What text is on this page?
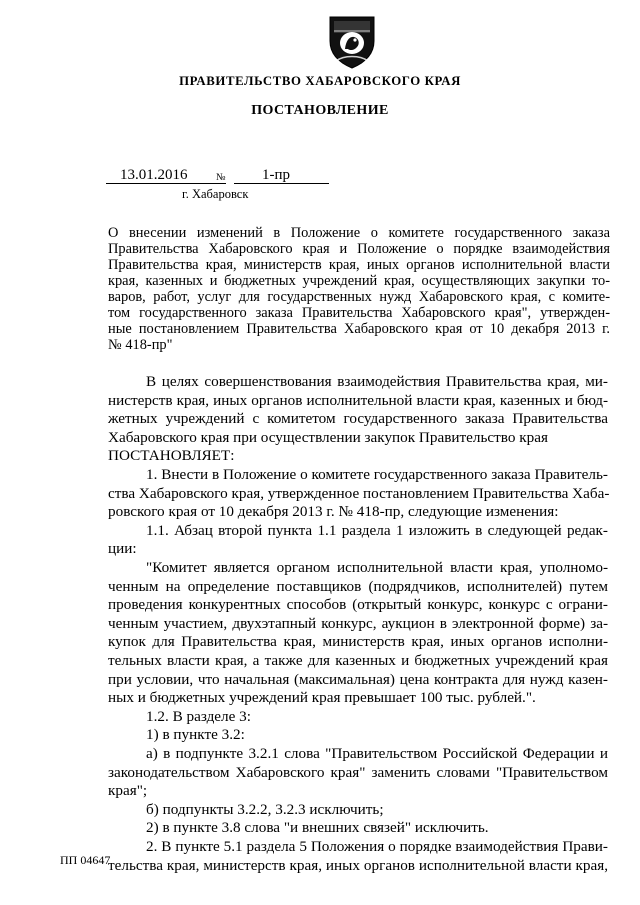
ПРАВИТЕЛЬСТВО ХАБАРОВСКОГО КРАЯ
ПОСТАНОВЛЕНИЕ
13.01.2016	№ 1-пр
г. Хабаровск
О внесении изменений в Положение о комитете государственного заказа
Правительства Хабаровского края и Положение о порядке взаимодействия
Правительства края, министерств края, иных органов исполнительной власти
края, казенных и бюджетных учреждений края, осуществляющих закупки то-
варов, работ, услуг для государственных нужд Хабаровского края, с комите-
том государственного заказа Правительства Хабаровского края", утвержден-
ные постановлением Правительства Хабаровского края от 10 декабря 2013 г.
№ 418-пр"
В целях совершенствования взаимодействия Правительства края, ми-
нистерств края, иных органов исполнительной власти края, казенных и бюд-
жетных учреждений с комитетом государственного заказа Правительства
Хабаровского края при осуществлении закупок Правительство края
ПОСТАНОВЛЯЕТ:
1. Внести в Положение о комитете государственного заказа Правитель-
ства Хабаровского края, утвержденное постановлением Правительства Хаба-
ровского края от 10 декабря 2013 г. № 418-пр, следующие изменения:
1.1. Абзац второй пункта 1.1 раздела 1 изложить в следующей редак-
ции:
"Комитет является органом исполнительной власти края, уполномо-
ченным на определение поставщиков (подрядчиков, исполнителей) путем
проведения конкурентных способов (открытый конкурс, конкурс с ограни-
ченным участием, двухэтапный конкурс, аукцион в электронной форме) за-
купок для Правительства края, министерств края, иных органов исполни-
тельных власти края, а также для казенных и бюджетных учреждений края
при условии, что начальная (максимальная) цена контракта для нужд казен-
ных и бюджетных учреждений края превышает 100 тыс. рублей.".
1.2. В разделе 3:
1) в пункте 3.2:
а) в подпункте 3.2.1 слова "Правительством Российской Федерации и
законодательством Хабаровского края" заменить словами "Правительством
края";
б) подпункты 3.2.2, 3.2.3 исключить;
2) в пункте 3.8 слова "и внешних связей" исключить.
2. В пункте 5.1 раздела 5 Положения о порядке взаимодействия Прави-
тельства края, министерств края, иных органов исполнительной власти края,
ПП 04647
